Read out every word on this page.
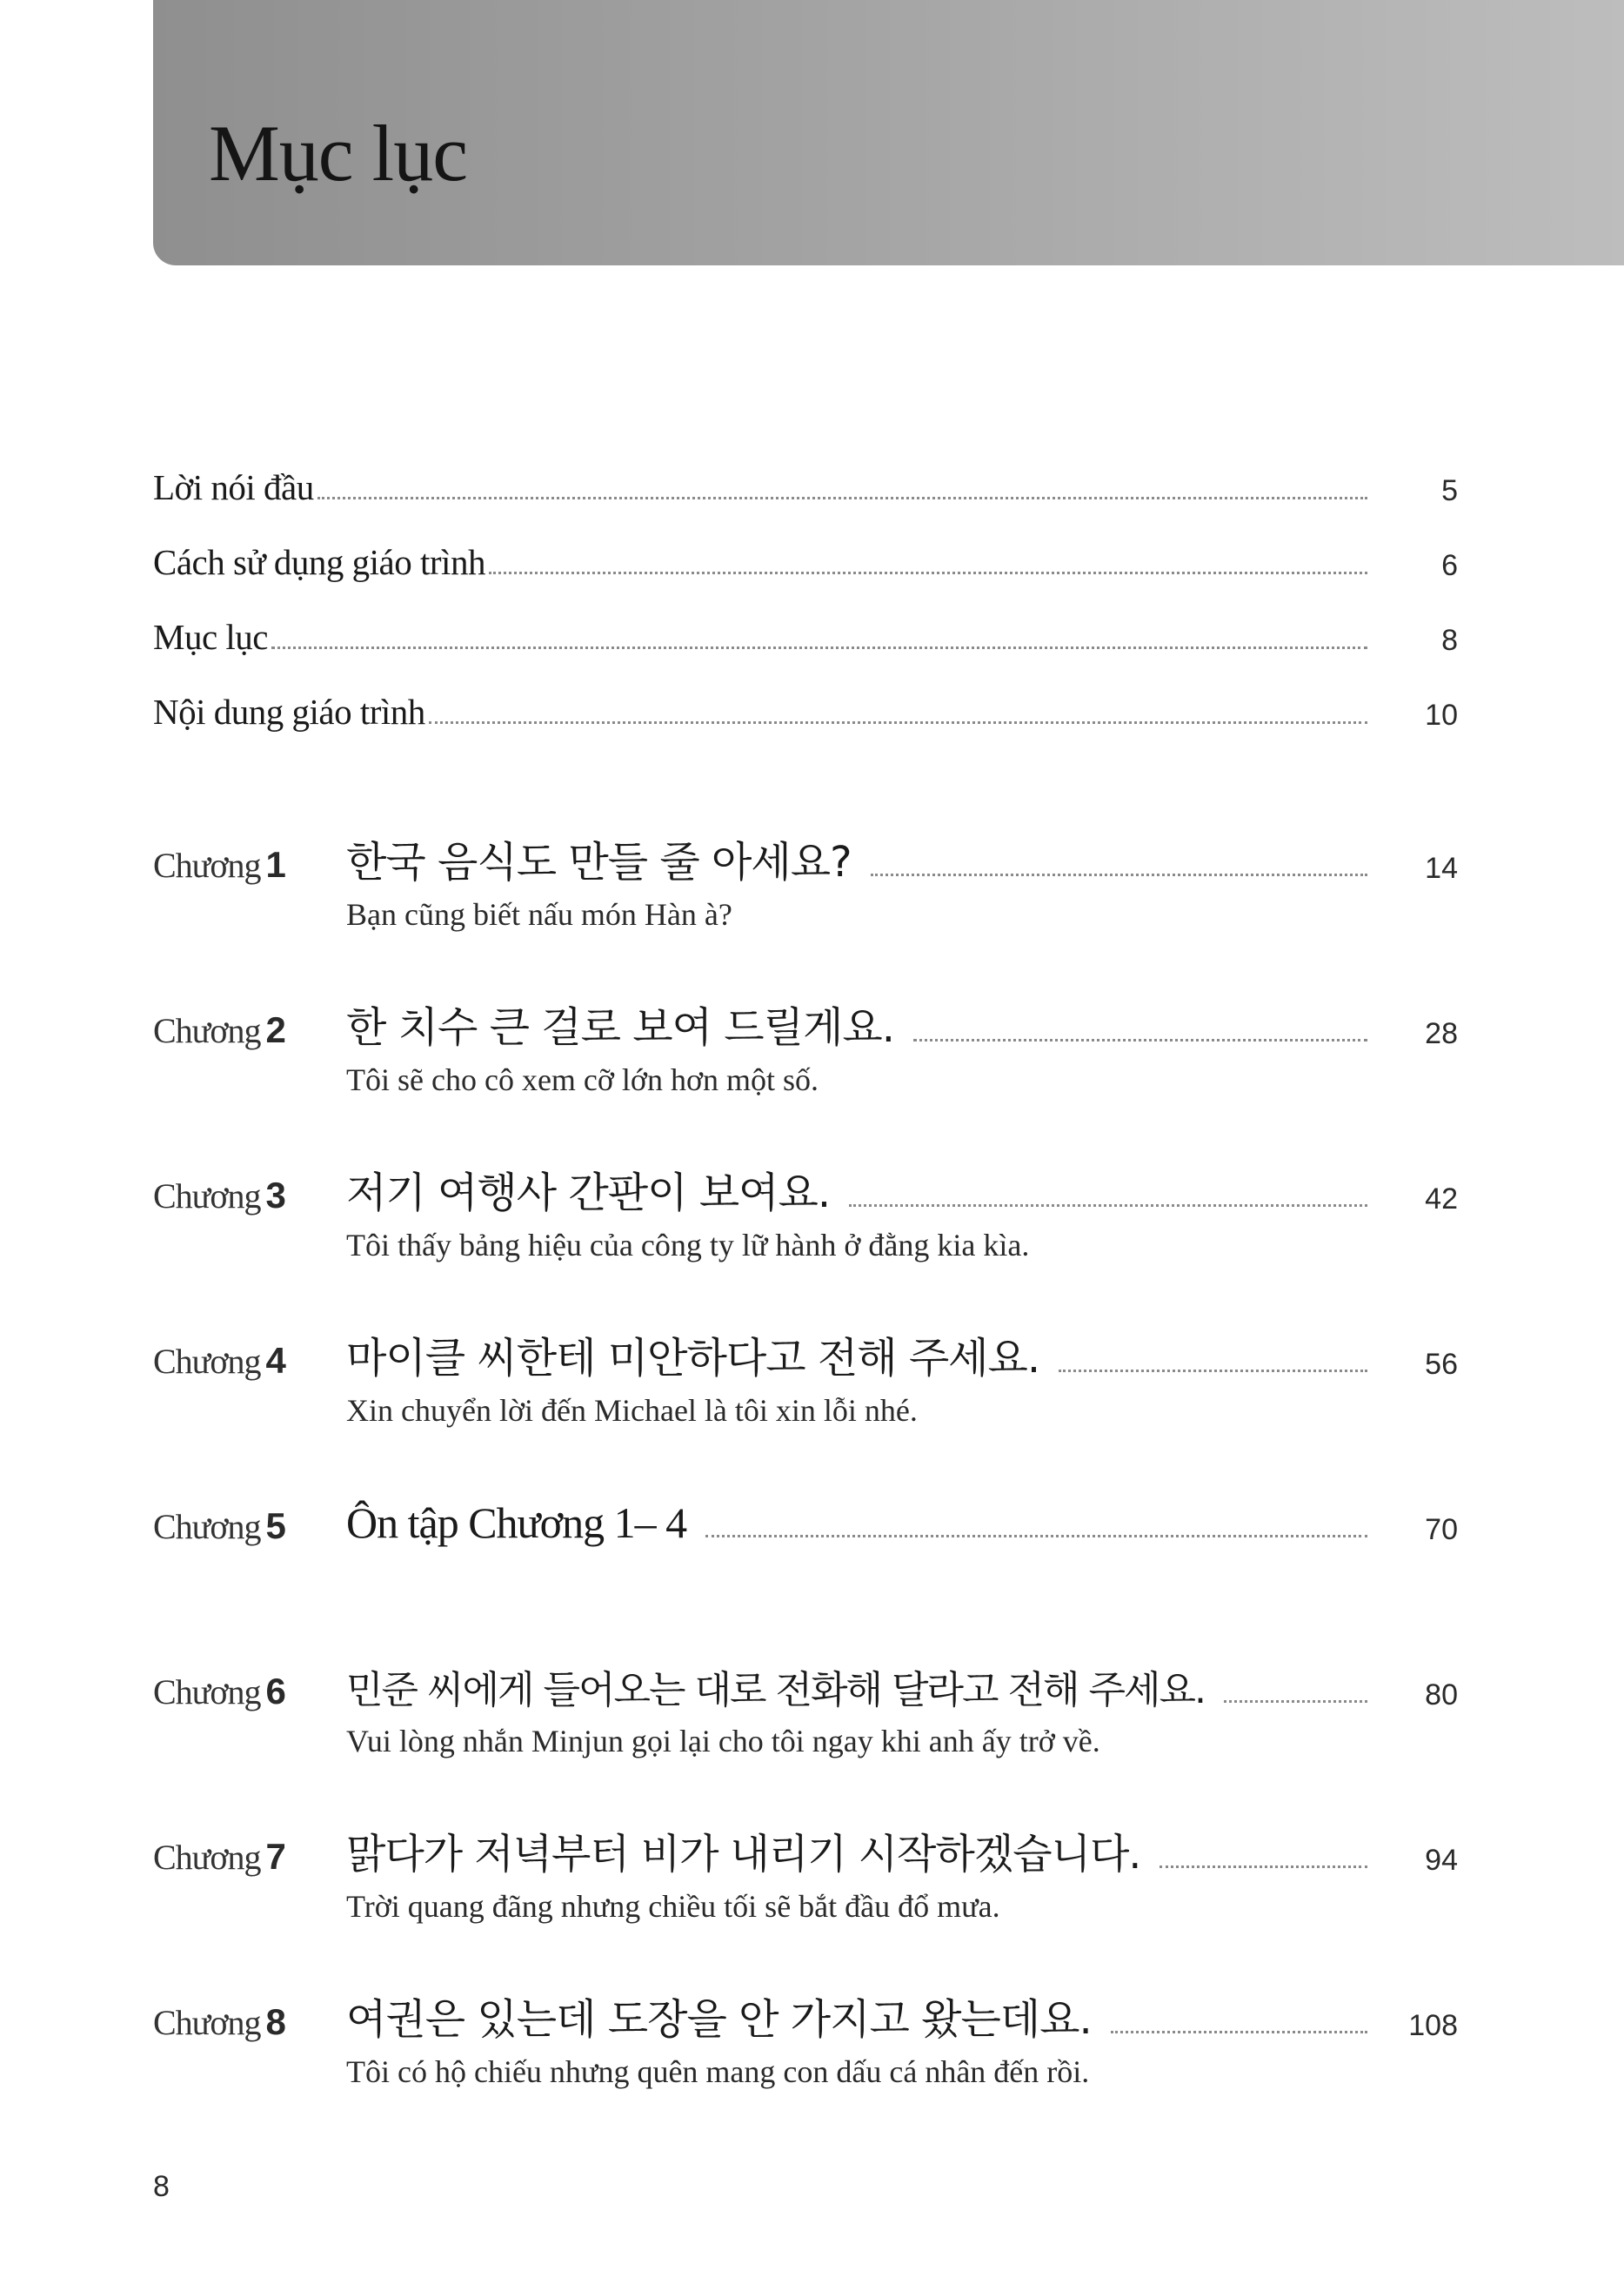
Mục lục
Lời nói đầu	5
Cách sử dụng giáo trình	6
Mục lục	8
Nội dung giáo trình	10
Chương 1 한국 음식도 만들 줄 아세요?	14
Bạn cũng biết nấu món Hàn à?
Chương 2 한 치수 큰 걸로 보여 드릴게요.	28
Tôi sẽ cho cô xem cỡ lớn hơn một số.
Chương 3 저기 여행사 간판이 보여요.	42
Tôi thấy bảng hiệu của công ty lữ hành ở đằng kia kìa.
Chương 4 마이클 씨한테 미안하다고 전해 주세요.	56
Xin chuyển lời đến Michael là tôi xin lỗi nhé.
Chương 5 Ôn tập Chương 1– 4	70
Chương 6 민준 씨에게 들어오는 대로 전화해 달라고 전해 주세요.	80
Vui lòng nhắn Minjun gọi lại cho tôi ngay khi anh ấy trở về.
Chương 7 맑다가 저녁부터 비가 내리기 시작하겠습니다.	94
Trời quang đãng nhưng chiều tối sẽ bắt đầu đổ mưa.
Chương 8 여권은 있는데 도장을 안 가지고 왔는데요.	108
Tôi có hộ chiếu nhưng quên mang con dấu cá nhân đến rồi.
8
